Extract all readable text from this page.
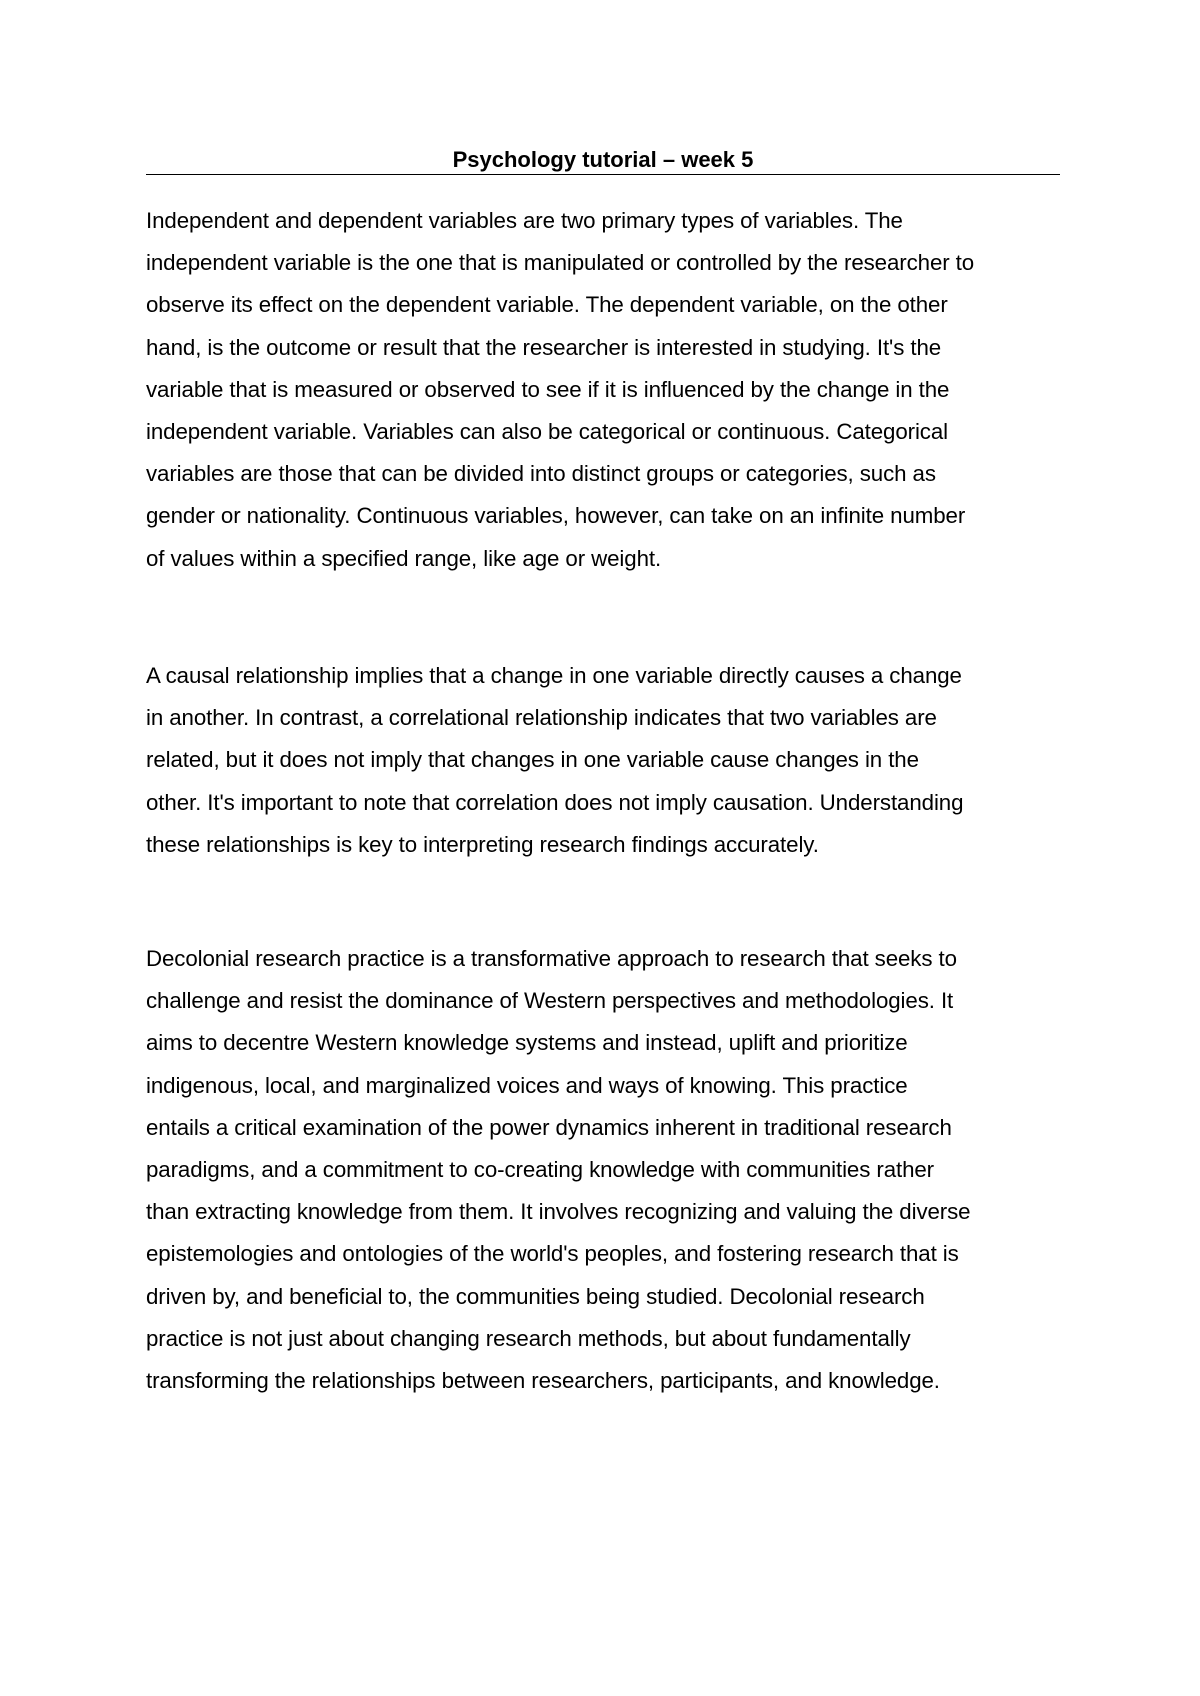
Psychology tutorial – week 5
Independent and dependent variables are two primary types of variables. The
independent variable is the one that is manipulated or controlled by the researcher to
observe its effect on the dependent variable. The dependent variable, on the other
hand, is the outcome or result that the researcher is interested in studying. It's the
variable that is measured or observed to see if it is influenced by the change in the
independent variable. Variables can also be categorical or continuous. Categorical
variables are those that can be divided into distinct groups or categories, such as
gender or nationality. Continuous variables, however, can take on an infinite number
of values within a specified range, like age or weight.
A causal relationship implies that a change in one variable directly causes a change
in another. In contrast, a correlational relationship indicates that two variables are
related, but it does not imply that changes in one variable cause changes in the
other. It's important to note that correlation does not imply causation. Understanding
these relationships is key to interpreting research findings accurately.
Decolonial research practice is a transformative approach to research that seeks to
challenge and resist the dominance of Western perspectives and methodologies. It
aims to decentre Western knowledge systems and instead, uplift and prioritize
indigenous, local, and marginalized voices and ways of knowing. This practice
entails a critical examination of the power dynamics inherent in traditional research
paradigms, and a commitment to co-creating knowledge with communities rather
than extracting knowledge from them. It involves recognizing and valuing the diverse
epistemologies and ontologies of the world's peoples, and fostering research that is
driven by, and beneficial to, the communities being studied. Decolonial research
practice is not just about changing research methods, but about fundamentally
transforming the relationships between researchers, participants, and knowledge.
